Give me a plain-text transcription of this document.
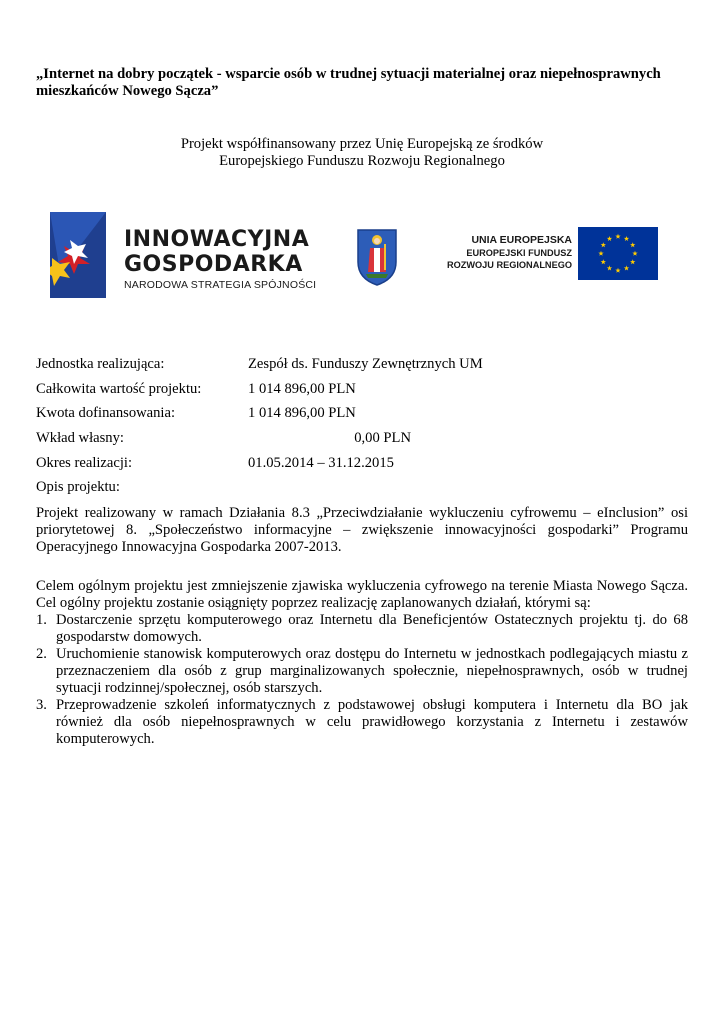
„Internet na dobry początek - wsparcie osób w trudnej sytuacji materialnej oraz niepełnosprawnych mieszkańców Nowego Sącza”
Projekt współfinansowany przez Unię Europejską ze środków
Europejskiego Funduszu Rozwoju Regionalnego
INNOWACYJNA
GOSPODARKA
NARODOWA STRATEGIA SPÓJNOŚCI
UNIA EUROPEJSKA
EUROPEJSKI FUNDUSZ
ROZWOJU REGIONALNEGO
Jednostka realizująca:	Zespół ds. Funduszy Zewnętrznych UM
Całkowita wartość projektu:	1 014 896,00 PLN
Kwota dofinansowania:	1 014 896,00 PLN
Wkład własny:	0,00 PLN
Okres realizacji:	01.05.2014 – 31.12.2015
Opis projektu:

Projekt realizowany w ramach Działania 8.3 „Przeciwdziałanie wykluczeniu cyfrowemu – eInclusion” osi priorytetowej 8. „Społeczeństwo informacyjne – zwiększenie innowacyjności gospodarki” Programu Operacyjnego Innowacyjna Gospodarka 2007-2013.

Celem ogólnym projektu jest zmniejszenie zjawiska wykluczenia cyfrowego na terenie Miasta Nowego Sącza. Cel ogólny projektu zostanie osiągnięty poprzez realizację zaplanowanych działań, którymi są:

1. Dostarczenie sprzętu komputerowego oraz Internetu dla Beneficjentów Ostatecznych projektu tj. do 68 gospodarstw domowych.
2. Uruchomienie stanowisk komputerowych oraz dostępu do Internetu w jednostkach podlegających miastu z przeznaczeniem dla osób z grup marginalizowanych społecznie, niepełnosprawnych, osób w trudnej sytuacji rodzinnej/społecznej, osób starszych.
3. Przeprowadzenie szkoleń informatycznych z podstawowej obsługi komputera i Internetu dla BO jak również dla osób niepełnosprawnych w celu prawidłowego korzystania z Internetu i zestawów komputerowych.
